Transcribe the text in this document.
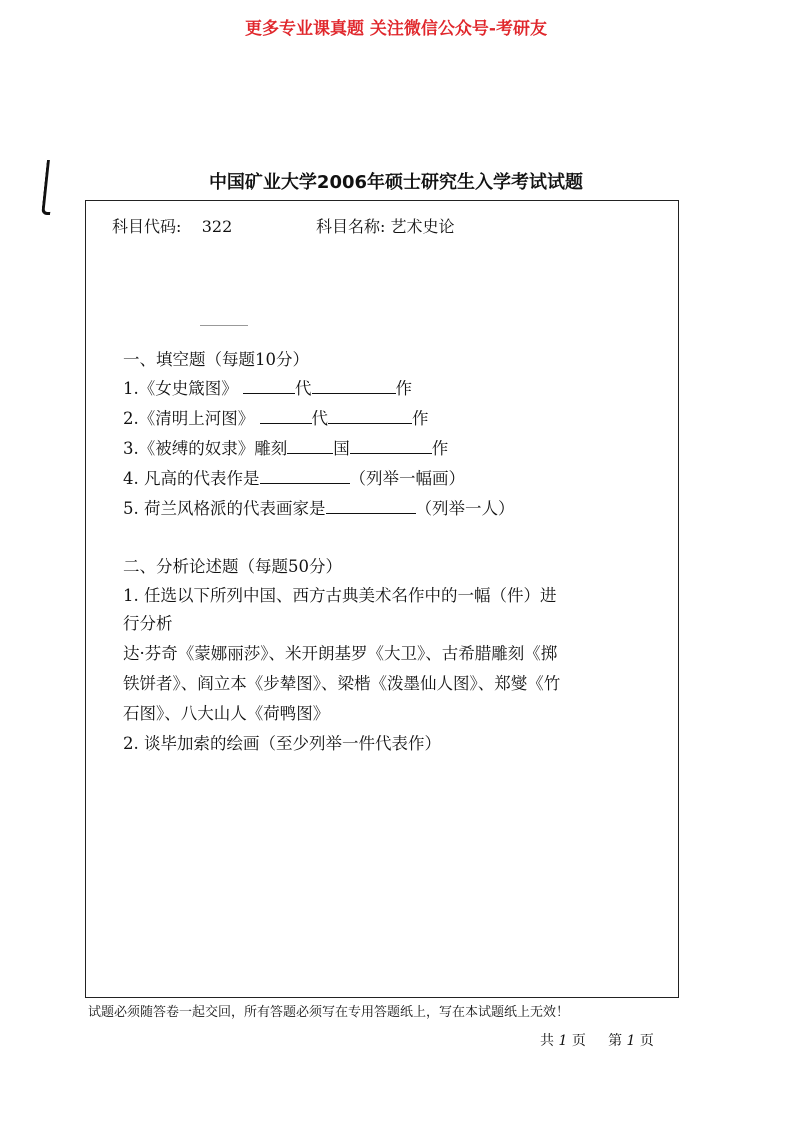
更多专业课真题 关注微信公众号-考研友
中国矿业大学2006年硕士研究生入学考试试题
科目代码: 322	科目名称: 艺术史论
一、填空题（每题10分）
1.《女史箴图》	代	作
2.《清明上河图》	代	作
3.《被缚的奴隶》雕刻	国	作
4. 凡高的代表作是	（列举一幅画）
5. 荷兰风格派的代表画家是	（列举一人）
二、分析论述题（每题50分）
1. 任选以下所列中国、西方古典美术名作中的一幅（件）进
行分析
达·芬奇《蒙娜丽莎》、米开朗基罗《大卫》、古希腊雕刻《掷
铁饼者》、阎立本《步辇图》、梁楷《泼墨仙人图》、郑燮《竹
石图》、八大山人《荷鸭图》
2. 谈毕加索的绘画（至少列举一件代表作）
试题必须随答卷一起交回，所有答题必须写在专用答题纸上，写在本试题纸上无效！
共 1 页 第 1 页
